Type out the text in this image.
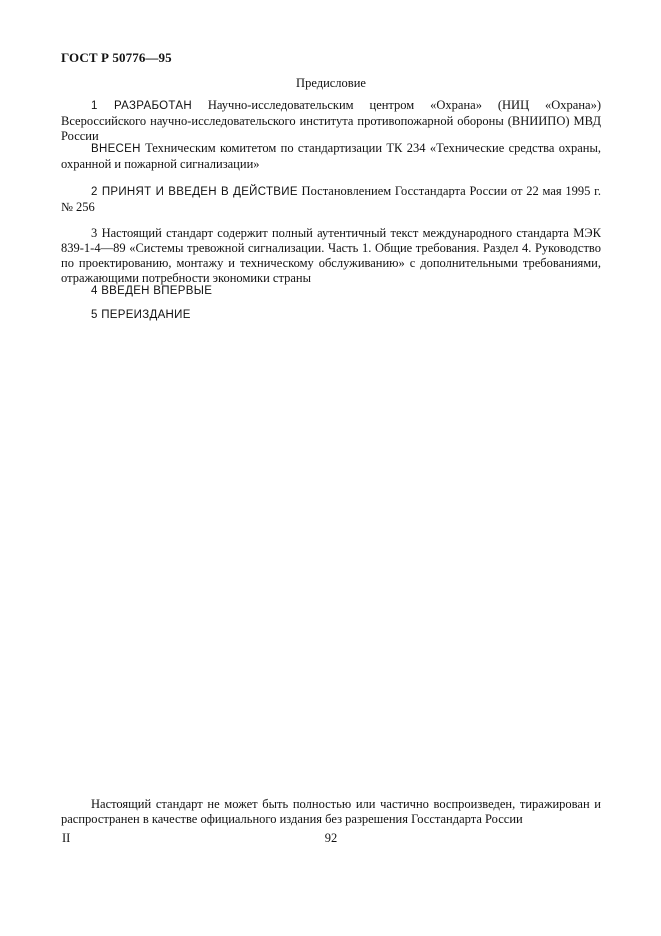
ГОСТ Р 50776—95
Предисловие

1 РАЗРАБОТАН Научно-исследовательским центром «Охрана» (НИЦ «Охрана») Всероссийского научно-исследовательского института противопожарной обороны (ВНИИПО) МВД России

ВНЕСЕН Техническим комитетом по стандартизации ТК 234 «Технические средства охраны, охранной и пожарной сигнализации»

2 ПРИНЯТ И ВВЕДЕН В ДЕЙСТВИЕ Постановлением Госстандарта России от 22 мая 1995 г. № 256

3 Настоящий стандарт содержит полный аутентичный текст международного стандарта МЭК 839-1-4—89 «Системы тревожной сигнализации. Часть 1. Общие требования. Раздел 4. Руководство по проектированию, монтажу и техническому обслуживанию» с дополнительными требованиями, отражающими потребности экономики страны

4 ВВЕДЕН ВПЕРВЫЕ

5 ПЕРЕИЗДАНИЕ

Настоящий стандарт не может быть полностью или частично воспроизведен, тиражирован и распространен в качестве официального издания без разрешения Госстандарта России

II	92
